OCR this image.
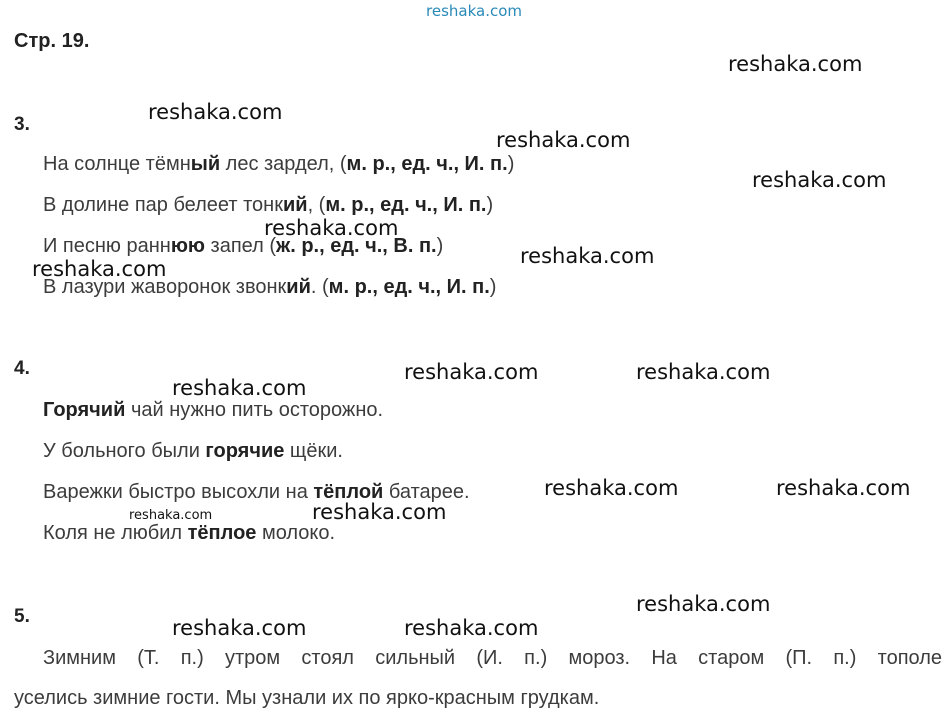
reshaka.com
Стр. 19.
3.
На солнце тёмный лес зардел, (м. р., ед. ч., И. п.)
В долине пар белеет тонкий, (м. р., ед. ч., И. п.)
И песню раннюю запел (ж. р., ед. ч., В. п.)
В лазури жаворонок звонкий. (м. р., ед. ч., И. п.)
4.
Горячий чай нужно пить осторожно.
У больного были горячие щёки.
Варежки быстро высохли на тёплой батарее.
Коля не любил тёплое молоко.
5.
Зимним (Т. п.) утром стоял сильный (И. п.) мороз. На старом (П. п.) тополе
уселись зимние гости. Мы узнали их по ярко-красным грудкам.
reshaka.com
reshaka.com
reshaka.com
reshaka.com
reshaka.com
reshaka.com
reshaka.com
reshaka.com
reshaka.com	reshaka.com
reshaka.com	reshaka.com
reshaka.com	reshaka.com
reshaka.com
reshaka.com	reshaka.com
